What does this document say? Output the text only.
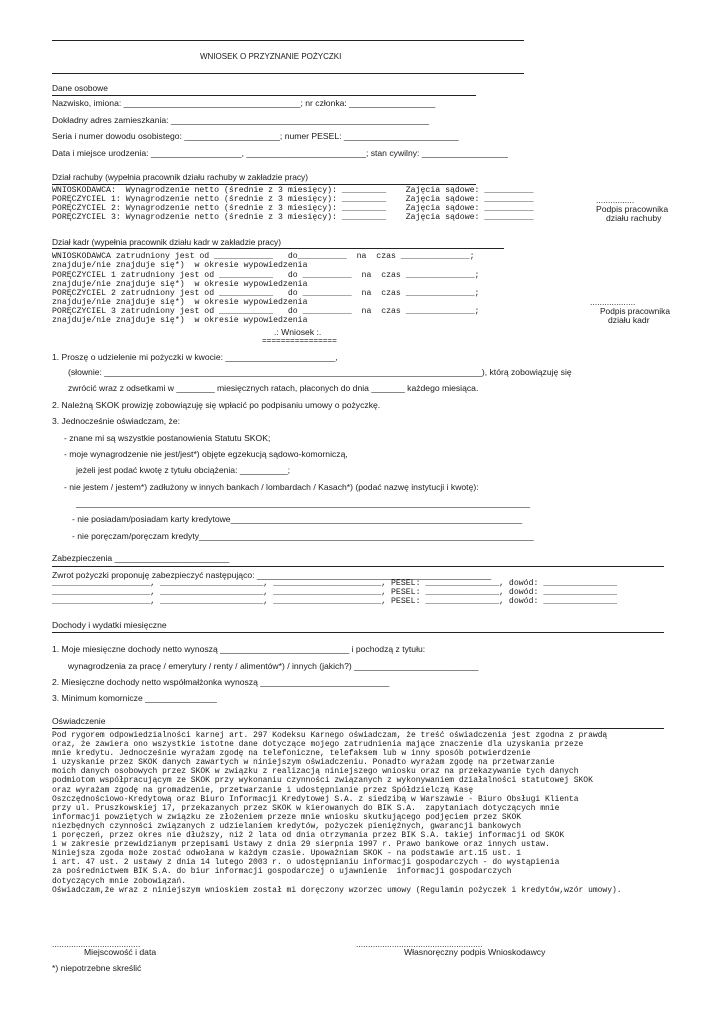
WNIOSEK O PRZYZNANIE POŻYCZKI
Dane osobowe
Nazwisko, imiona: _____________________________________; nr członka: __________________
Dokładny adres zamieszkania: ______________________________________________________
Seria i numer dowodu osobistego: ____________________; numer PESEL: ________________________
Data i miejsce urodzenia: ___________________, _________________________; stan cywilny: __________________
Dział rachuby (wypełnia pracownik działu rachuby w zakładzie pracy)
WNIOSKODAWCA:  Wynagrodzenie netto (średnie z 3 miesięcy): _________    Zajęcia sądowe: __________
PORĘCZYCIEL 1: Wynagrodzenie netto (średnie z 3 miesięcy): _________    Zajęcia sądowe: __________
PORĘCZYCIEL 2: Wynagrodzenie netto (średnie z 3 miesięcy): _________    Zajęcia sądowe: __________
PORĘCZYCIEL 3: Wynagrodzenie netto (średnie z 3 miesięcy): _________    Zajęcia sądowe: __________
................
Podpis pracownika
działu rachuby
Dział kadr (wypełnia pracownik działu kadr w zakładzie pracy)
WNIOSKODAWCA zatrudniony jest od ____________   do__________  na  czas ______________;
znajduje/nie znajduje się*)  w okresie wypowiedzenia
PORĘCZYCIEL 1 zatrudniony jest od ___________   do __________  na  czas ______________;
znajduje/nie znajduje się*)  w okresie wypowiedzenia
PORĘCZYCIEL 2 zatrudniony jest od ___________   do __________  na  czas ______________;
znajduje/nie znajduje się*)  w okresie wypowiedzenia
PORĘCZYCIEL 3 zatrudniony jest od ___________   do __________  na  czas ______________;
znajduje/nie znajduje się*)  w okresie wypowiedzenia
...................
Podpis pracownika
działu kadr
.: Wniosek :.
================
1. Proszę o udzielenie mi pożyczki w kwocie: _______________________,
(słownie: _______________________________________________________________________________), którą zobowiązuję się
zwrócić wraz z odsetkami w ________ miesięcznych ratach, płaconych do dnia _______ każdego miesiąca.
2. Należną SKOK prowizję zobowiązuję się wpłacić po podpisaniu umowy o pożyczkę.
3. Jednocześnie oświadczam, że:
- znane mi są wszystkie postanowienia Statutu SKOK;
- moje wynagrodzenie nie jest/jest*) objęte egzekucją sądowo-komorniczą,
jeżeli jest podać kwotę z tytułu obciążenia: __________;
- nie jestem / jestem*) zadłużony w innych bankach / lombardach / Kasach*) (podać nazwę instytucji i kwotę):
_______________________________________________________________________________________________
- nie posiadam/posiadam karty kredytowe_____________________________________________________________
- nie poręczam/poręczam kredyty______________________________________________________________________
Zabezpieczenia ________________________
Zwrot pożyczki proponuję zabezpieczyć następująco: _________________________________________________
____________________, _____________________, ______________________, PESEL: _______________, dowód: _______________
____________________, _____________________, ______________________, PESEL: _______________, dowód: _______________
____________________, _____________________, ______________________, PESEL: _______________, dowód: _______________
Dochody i wydatki miesięczne
1. Moje miesięczne dochody netto wynoszą ___________________________ i pochodzą z tytułu:
wynagrodzenia za pracę / emerytury / renty / alimentów*) / innych (jakich?) __________________________
2. Miesięczne dochody netto współmałżonka wynoszą ___________________________
3. Minimum komornicze _______________
Oświadczenie
Pod rygorem odpowiedzialności karnej art. 297 Kodeksu Karnego oświadczam, że treść oświadczenia jest zgodna z prawdą
oraz, że zawiera ono wszystkie istotne dane dotyczące mojego zatrudnienia mające znaczenie dla uzyskania przeze
mnie kredytu. Jednocześnie wyrażam zgodę na telefoniczne, telefaksem lub w inny sposób potwierdzenie
i uzyskanie przez SKOK danych zawartych w niniejszym oświadczeniu. Ponadto wyrażam zgodę na przetwarzanie
moich danych osobowych przez SKOK w związku z realizacją niniejszego wniosku oraz na przekazywanie tych danych
podmiotom współpracującym ze SKOK przy wykonaniu czynności związanych z wykonywaniem działalności statutowej SKOK
oraz wyrażam zgodę na gromadzenie, przetwarzanie i udostępnianie przez Spółdzielczą Kasę
Oszczędnościowo-Kredytową oraz Biuro Informacji Kredytowej S.A. z siedzibą w Warszawie - Biuro Obsługi Klienta
przy ul. Pruszkowskiej 17, przekazanych przez SKOK w kierowanych do BIK S.A.  zapytaniach dotyczących mnie
informacji powziętych w związku ze złożeniem przeze mnie wniosku skutkującego podjęciem przez SKOK
niezbędnych czynności związanych z udzielaniem kredytów, pożyczek pieniężnych, gwarancji bankowych
i poręczeń, przez okres nie dłuższy, niż 2 lata od dnia otrzymania przez BIK S.A. takiej informacji od SKOK
i w zakresie przewidzianym przepisami Ustawy z dnia 29 sierpnia 1997 r. Prawo bankowe oraz innych ustaw.
Niniejsza zgoda może zostać odwołana w każdym czasie. Upoważniam SKOK - na podstawie art.15 ust. 1
i art. 47 ust. 2 ustawy z dnia 14 lutego 2003 r. o udostępnianiu informacji gospodarczych - do wystąpienia
za pośrednictwem BIK S.A. do biur informacji gospodarczej o ujawnienie  informacji gospodarczych
dotyczących mnie zobowiązań.
Oświadczam,że wraz z niniejszym wnioskiem został mi doręczony wzorzec umowy (Regulamin pożyczek i kredytów,wzór umowy).
.....................................
Miejscowość i data
.....................................................
Własnoręczny podpis Wnioskodawcy
*) niepotrzebne skreślić
